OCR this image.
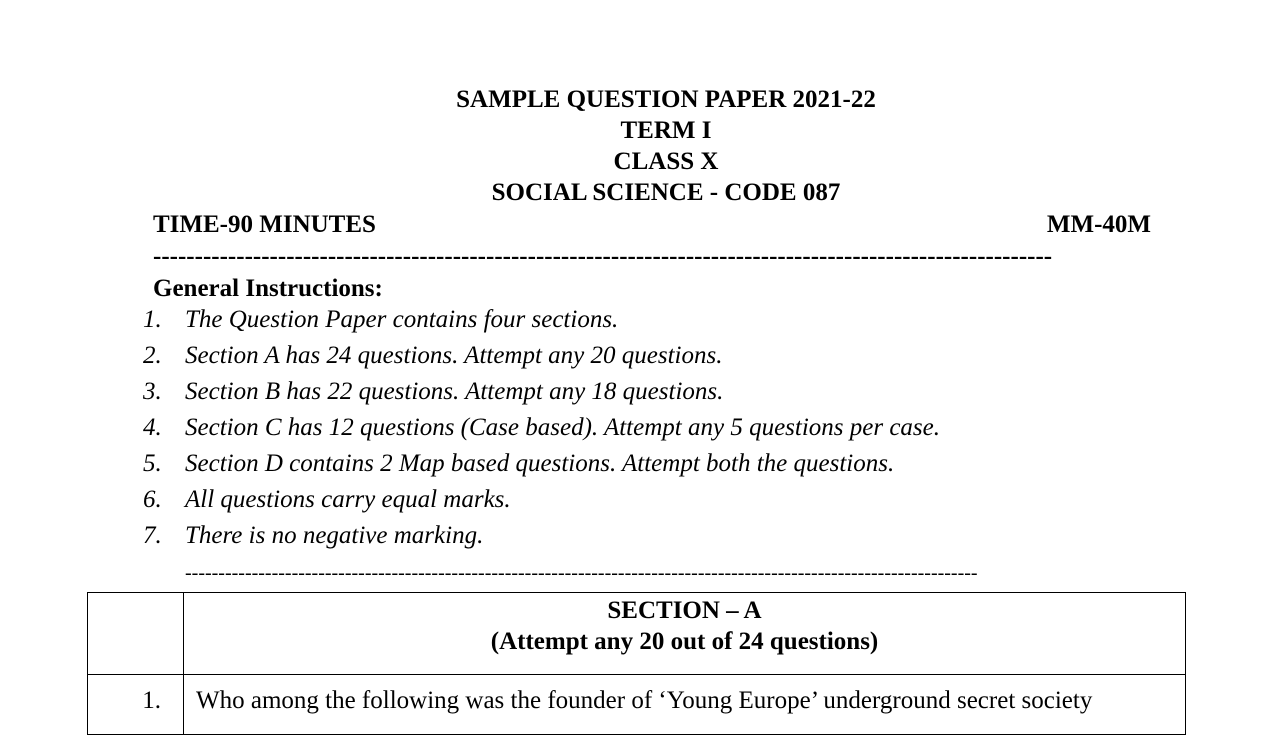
SAMPLE QUESTION PAPER 2021-22
TERM I
CLASS X
SOCIAL SCIENCE - CODE 087
TIME-90 MINUTES	MM-40M
------------------------------------------------------------------------------------------------------------
General Instructions:
1. The Question Paper contains four sections.
2. Section A has 24 questions. Attempt any 20 questions.
3. Section B has 22 questions. Attempt any 18 questions.
4. Section C has 12 questions (Case based). Attempt any 5 questions per case.
5. Section D contains 2 Map based questions. Attempt both the questions.
6. All questions carry equal marks.
7. There is no negative marking.
-----------------------------------------------------------------------------------------------------------------------

	SECTION – A
(Attempt any 20 out of 24 questions)

1.	Who among the following was the founder of ‘Young Europe’ underground secret society
